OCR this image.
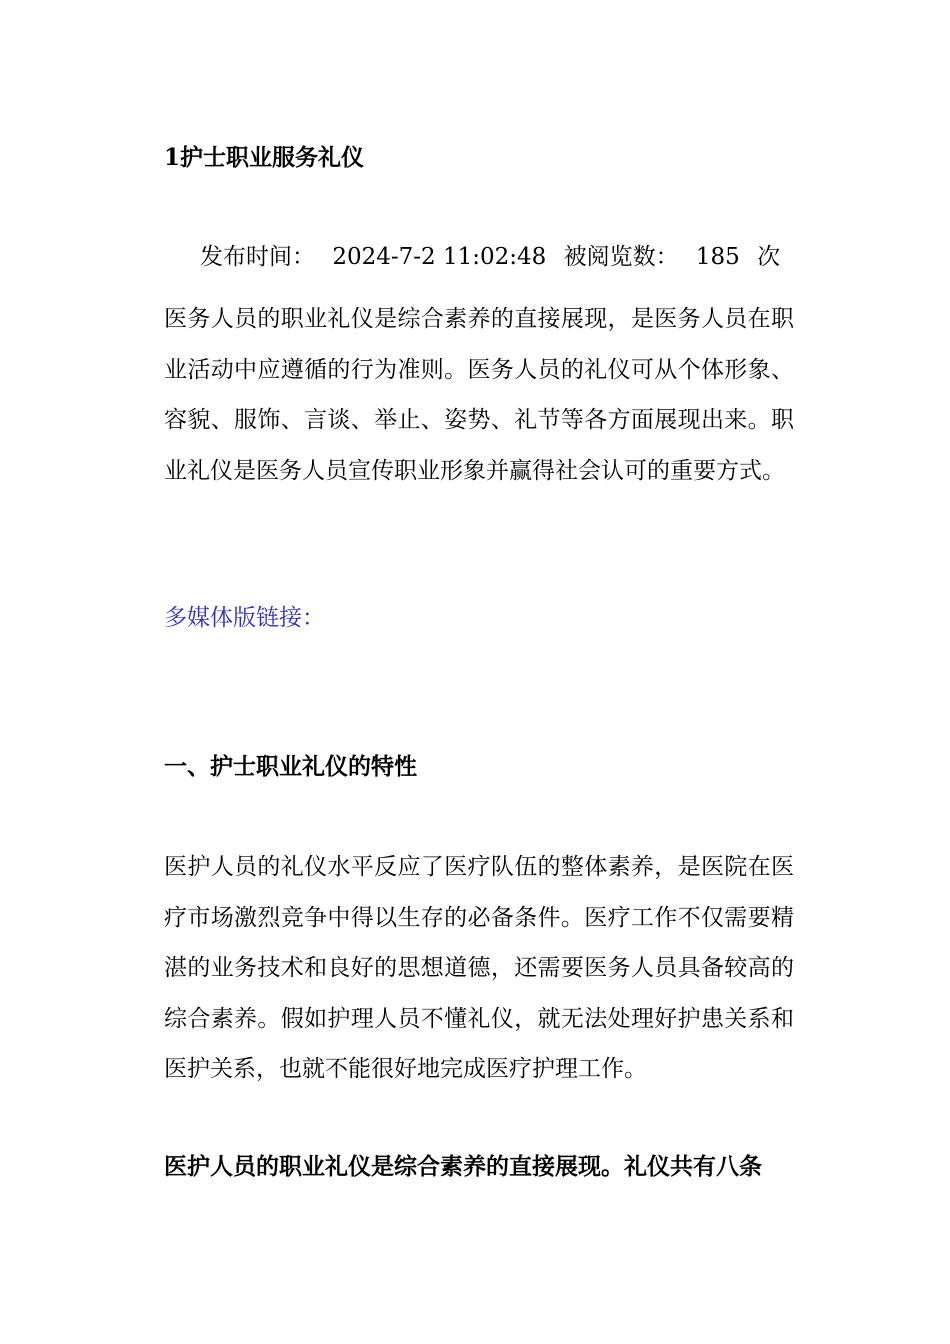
1护士职业服务礼仪
发布时间： 2024-7-2 11:02:48 被阅览数： 185 次

医务人员的职业礼仪是综合素养的直接展现，是医务人员在职业活动中应遵循的行为准则。医务人员的礼仪可从个体形象、容貌、服饰、言谈、举止、姿势、礼节等各方面展现出来。职业礼仪是医务人员宣传职业形象并赢得社会认可的重要方式。

多媒体版链接：
一、护士职业礼仪的特性

医护人员的礼仪水平反应了医疗队伍的整体素养，是医院在医疗市场激烈竞争中得以生存的必备条件。医疗工作不仅需要精湛的业务技术和良好的思想道德，还需要医务人员具备较高的综合素养。假如护理人员不懂礼仪，就无法处理好护患关系和医护关系，也就不能很好地完成医疗护理工作。

医护人员的职业礼仪是综合素养的直接展现。礼仪共有八条
